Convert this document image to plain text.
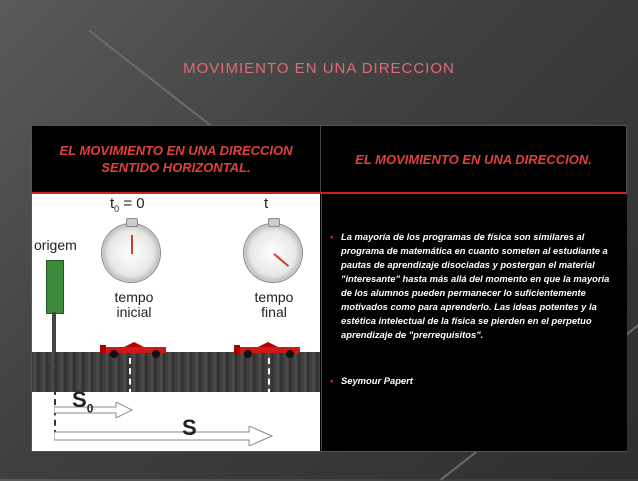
MOVIMIENTO EN UNA DIRECCION
EL MOVIMIENTO EN UNA DIRECCION
SENTIDO HORIZONTAL.
EL MOVIMIENTO EN UNA DIRECCION.
$t_0 = 0$	t
origem
tempo
inicial
tempo
final
$S_0$
S
▪ La mayoría de los programas de física son similares al programa de matemática en cuanto someten al estudiante a pautas de aprendizaje disociadas y postergan el material "interesante" hasta más allá del momento en que la mayoría de los alumnos pueden permanecer lo suficientemente motivados como para aprenderlo. Las ideas potentes y la estética intelectual de la física se pierden en el perpetuo aprendizaje de "prerrequisitos".
▪ Seymour Papert
